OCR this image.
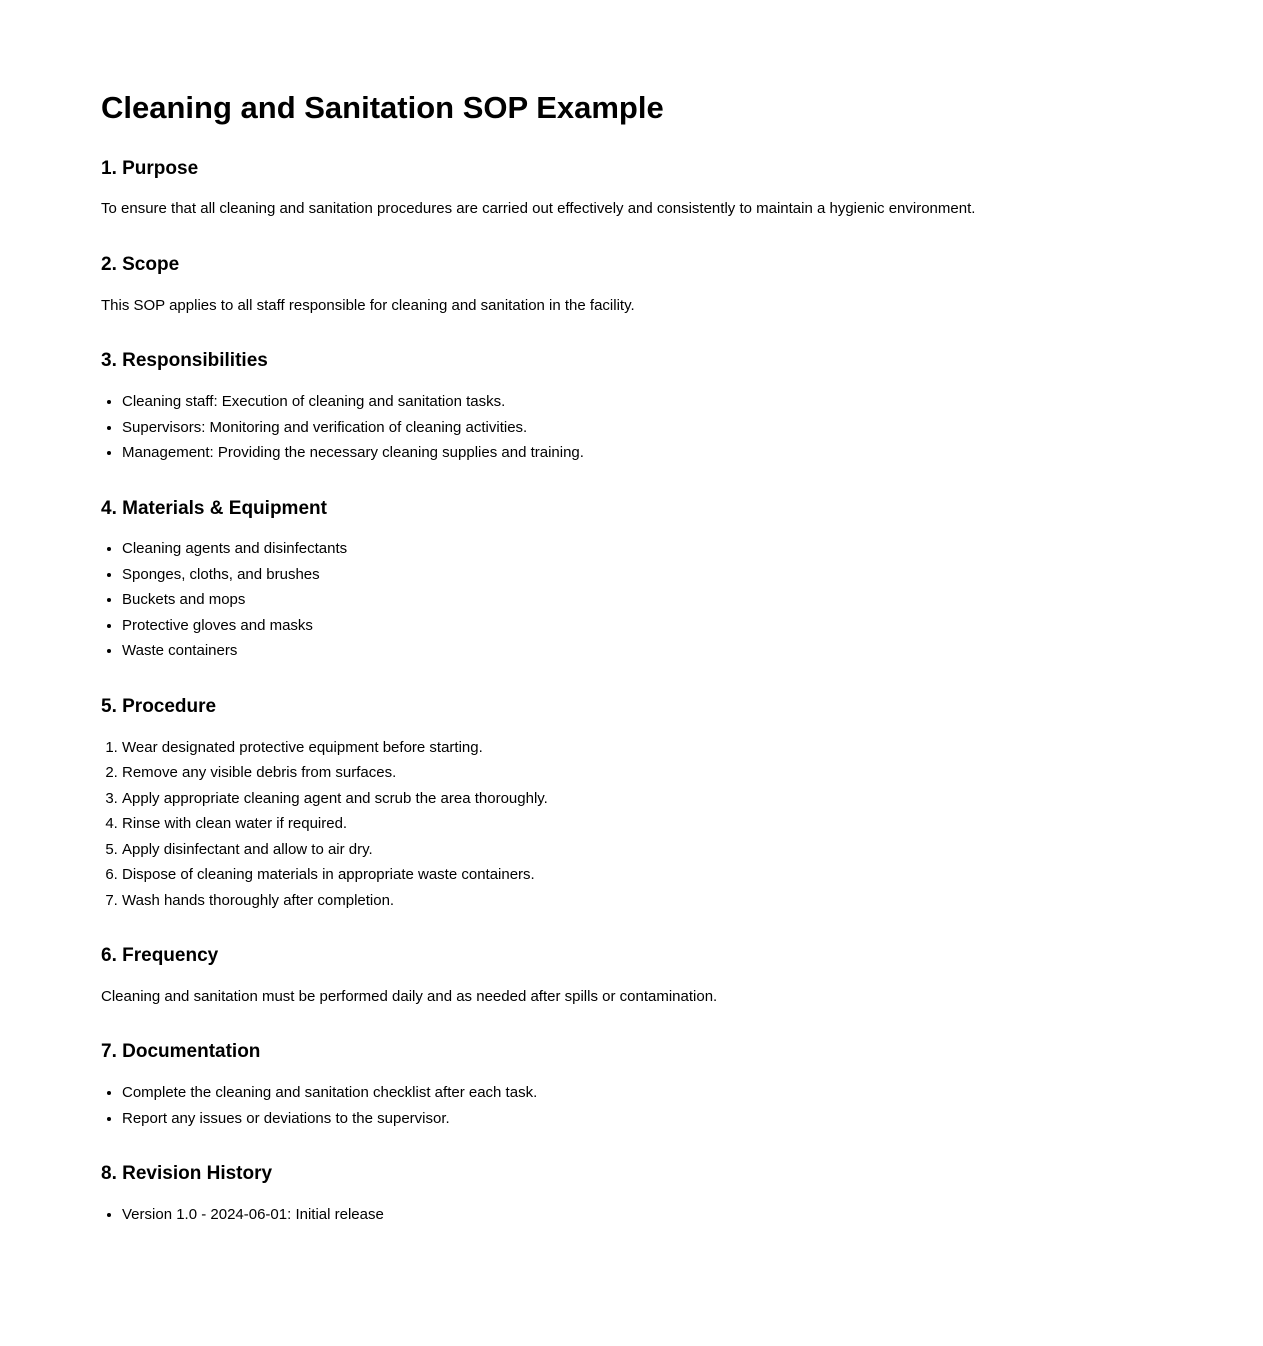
Cleaning and Sanitation SOP Example
1. Purpose

To ensure that all cleaning and sanitation procedures are carried out effectively and consistently to maintain a hygienic environment.

2. Scope

This SOP applies to all staff responsible for cleaning and sanitation in the facility.

3. Responsibilities
• Cleaning staff: Execution of cleaning and sanitation tasks.
• Supervisors: Monitoring and verification of cleaning activities.
• Management: Providing the necessary cleaning supplies and training.
4. Materials & Equipment
• Cleaning agents and disinfectants
• Sponges, cloths, and brushes
• Buckets and mops
• Protective gloves and masks
• Waste containers
5. Procedure
1. Wear designated protective equipment before starting.
2. Remove any visible debris from surfaces.
3. Apply appropriate cleaning agent and scrub the area thoroughly.
4. Rinse with clean water if required.
5. Apply disinfectant and allow to air dry.
6. Dispose of cleaning materials in appropriate waste containers.
7. Wash hands thoroughly after completion.
6. Frequency

Cleaning and sanitation must be performed daily and as needed after spills or contamination.

7. Documentation
• Complete the cleaning and sanitation checklist after each task.
• Report any issues or deviations to the supervisor.
8. Revision History
• Version 1.0 - 2024-06-01: Initial release
